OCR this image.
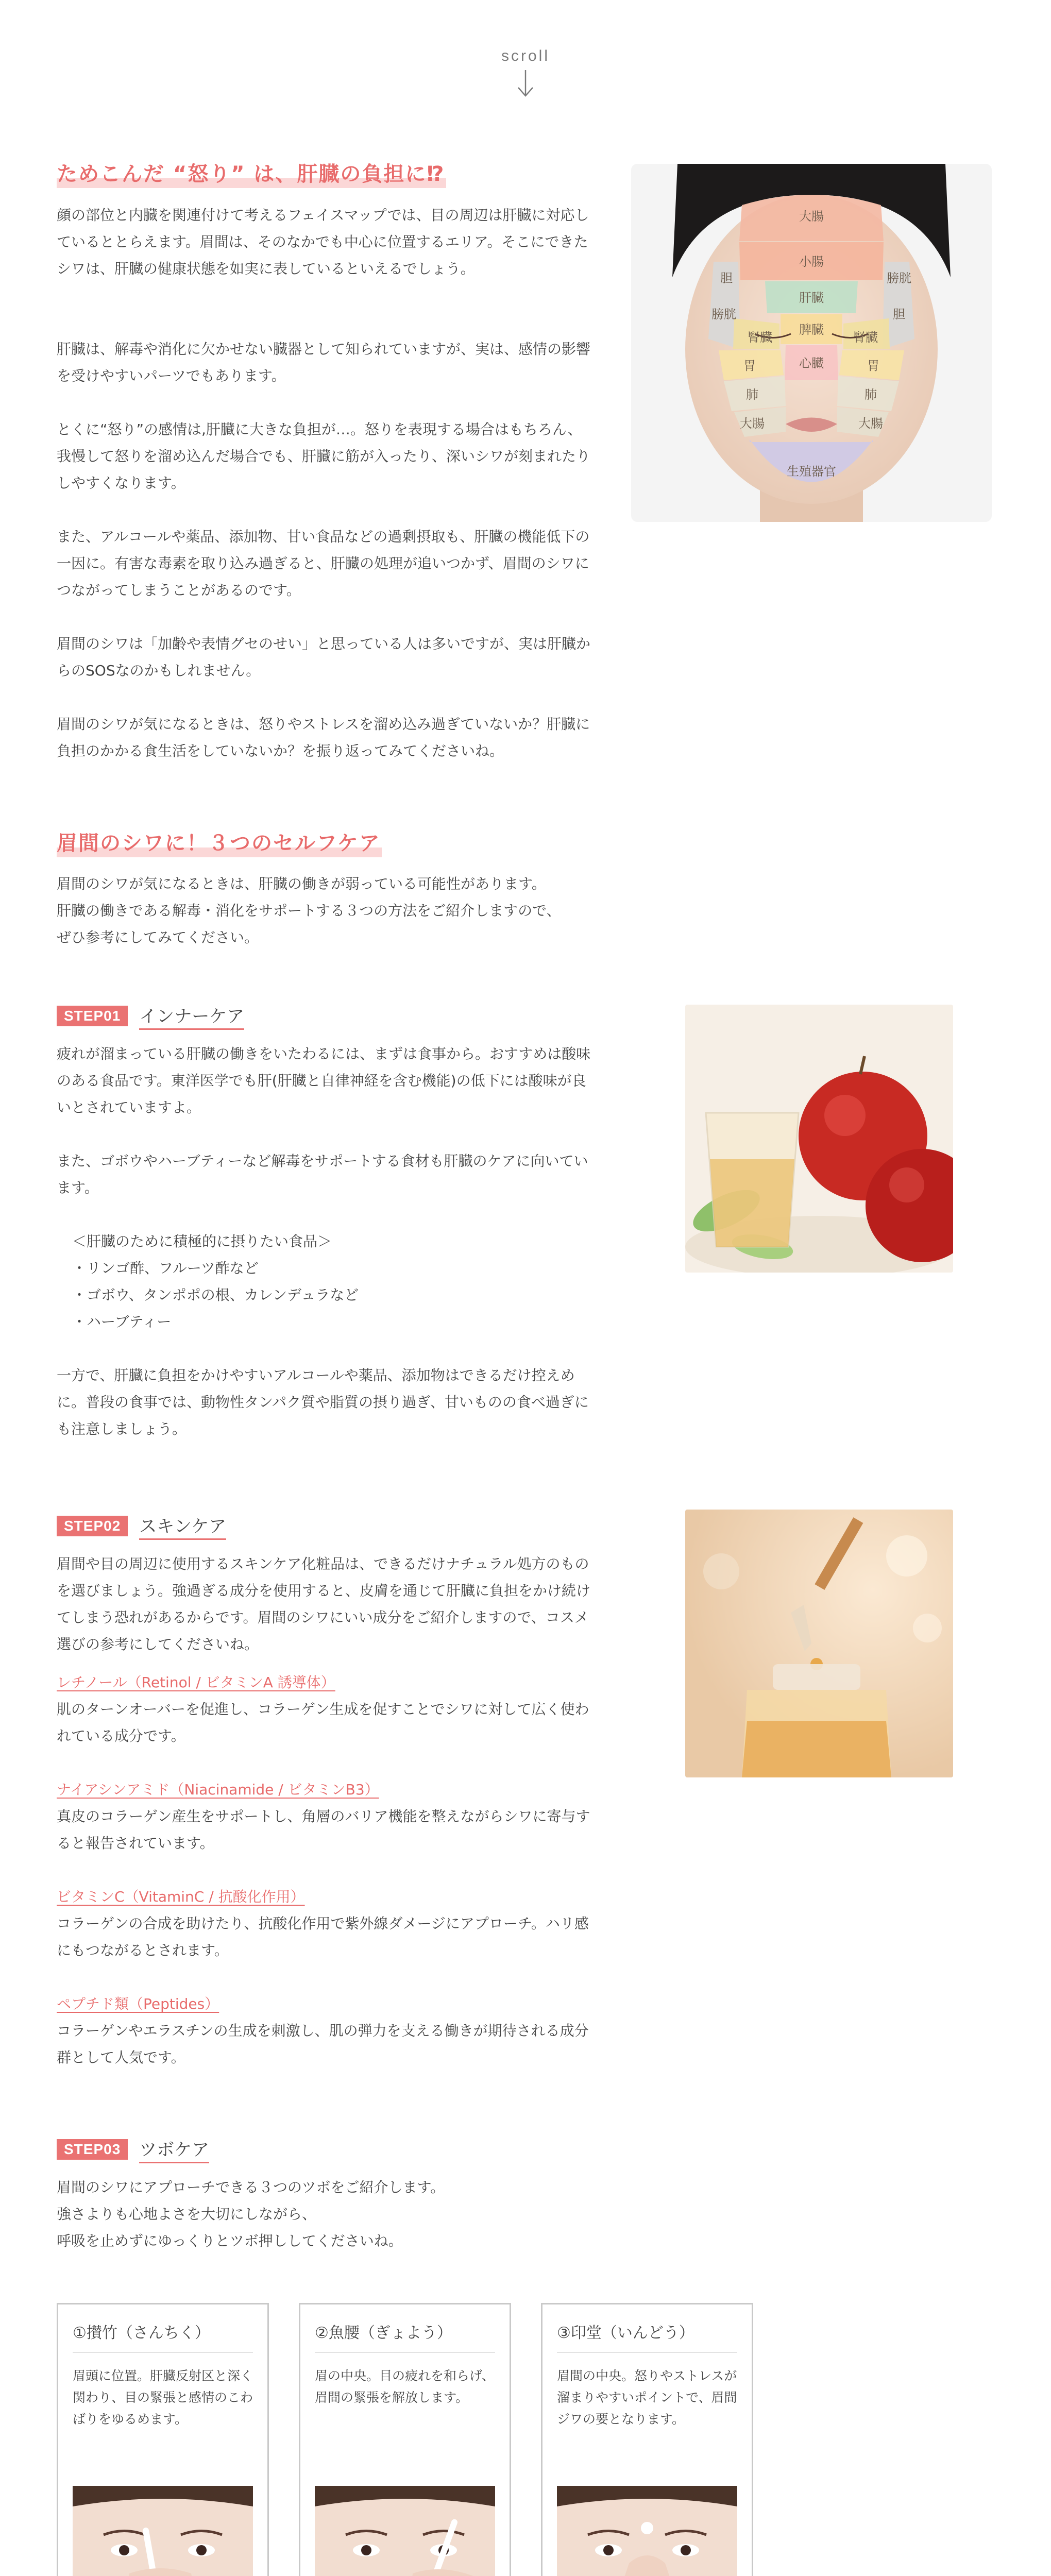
scroll
ためこんだ “怒り” は、肝臓の負担に⁉

顔の部位と内臓を関連付けて考えるフェイスマップでは、目の周辺は肝臓に対応しているととらえます。眉間は、そのなかでも中心に位置するエリア。そこにできたシワは、肝臓の健康状態を如実に表しているといえるでしょう。

肝臓は、解毒や消化に欠かせない臓器として知られていますが、実は、感情の影響を受けやすいパーツでもあります。

とくに“怒り”の感情は,肝臓に大きな負担が…。怒りを表現する場合はもちろん、我慢して怒りを溜め込んだ場合でも、肝臓に筋が入ったり、深いシワが刻まれたりしやすくなります。

また、アルコールや薬品、添加物、甘い食品などの過剰摂取も、肝臓の機能低下の一因に。有害な毒素を取り込み過ぎると、肝臓の処理が追いつかず、眉間のシワにつながってしまうことがあるのです。

眉間のシワは「加齢や表情グセのせい」と思っている人は多いですが、実は肝臓からのSOSなのかもしれません。

眉間のシワが気になるときは、怒りやストレスを溜め込み過ぎていないか？肝臓に負担のかかる食生活をしていないか？を振り返ってみてくださいね。

大腸
小腸
肝臓
脾臓
腎臓	腎臓
胆	膀胱
膀胱	胆
胃	胃
肺	肺
心臓
大腸	大腸
生殖器官
眉間のシワに！３つのセルフケア

眉間のシワが気になるときは、肝臓の働きが弱っている可能性があります。

肝臓の働きである解毒・消化をサポートする３つの方法をご紹介しますので、

ぜひ参考にしてみてください。

STEP01	インナーケア

疲れが溜まっている肝臓の働きをいたわるには、まずは食事から。おすすめは酸味のある食品です。東洋医学でも肝(肝臓と自律神経を含む機能)の低下には酸味が良いとされていますよ。

また、ゴボウやハーブティーなど解毒をサポートする食材も肝臓のケアに向いています。

＜肝臓のために積極的に摂りたい食品＞

・リンゴ酢、フルーツ酢など

・ゴボウ、タンポポの根、カレンデュラなど

・ハーブティー

一方で、肝臓に負担をかけやすいアルコールや薬品、添加物はできるだけ控えめに。普段の食事では、動物性タンパク質や脂質の摂り過ぎ、甘いものの食べ過ぎにも注意しましょう。

STEP02	スキンケア

眉間や目の周辺に使用するスキンケア化粧品は、できるだけナチュラル処方のものを選びましょう。強過ぎる成分を使用すると、皮膚を通じて肝臓に負担をかけ続けてしまう恐れがあるからです。眉間のシワにいい成分をご紹介しますので、コスメ選びの参考にしてくださいね。

レチノール（Retinol / ビタミンA 誘導体）

肌のターンオーバーを促進し、コラーゲン生成を促すことでシワに対して広く使われている成分です。

ナイアシンアミド（Niacinamide / ビタミンB3）

真皮のコラーゲン産生をサポートし、角層のバリア機能を整えながらシワに寄与すると報告されています。

ビタミンC（VitaminC / 抗酸化作用）

コラーゲンの合成を助けたり、抗酸化作用で紫外線ダメージにアプローチ。ハリ感にもつながるとされます。

ペプチド類（Peptides）

コラーゲンやエラスチンの生成を刺激し、肌の弾力を支える働きが期待される成分群として人気です。

STEP03	ツボケア

眉間のシワにアプローチできる３つのツボをご紹介します。

強さよりも心地よさを大切にしながら、

呼吸を止めずにゆっくりとツボ押ししてくださいね。

①攅竹（さんちく）
眉頭に位置。肝臓反射区と深く関わり、目の緊張と感情のこわばりをゆるめます。
②魚腰（ぎょよう）
眉の中央。目の疲れを和らげ、眉間の緊張を解放します。
③印堂（いんどう）
眉間の中央。怒りやストレスが溜まりやすいポイントで、眉間ジワの要となります。
